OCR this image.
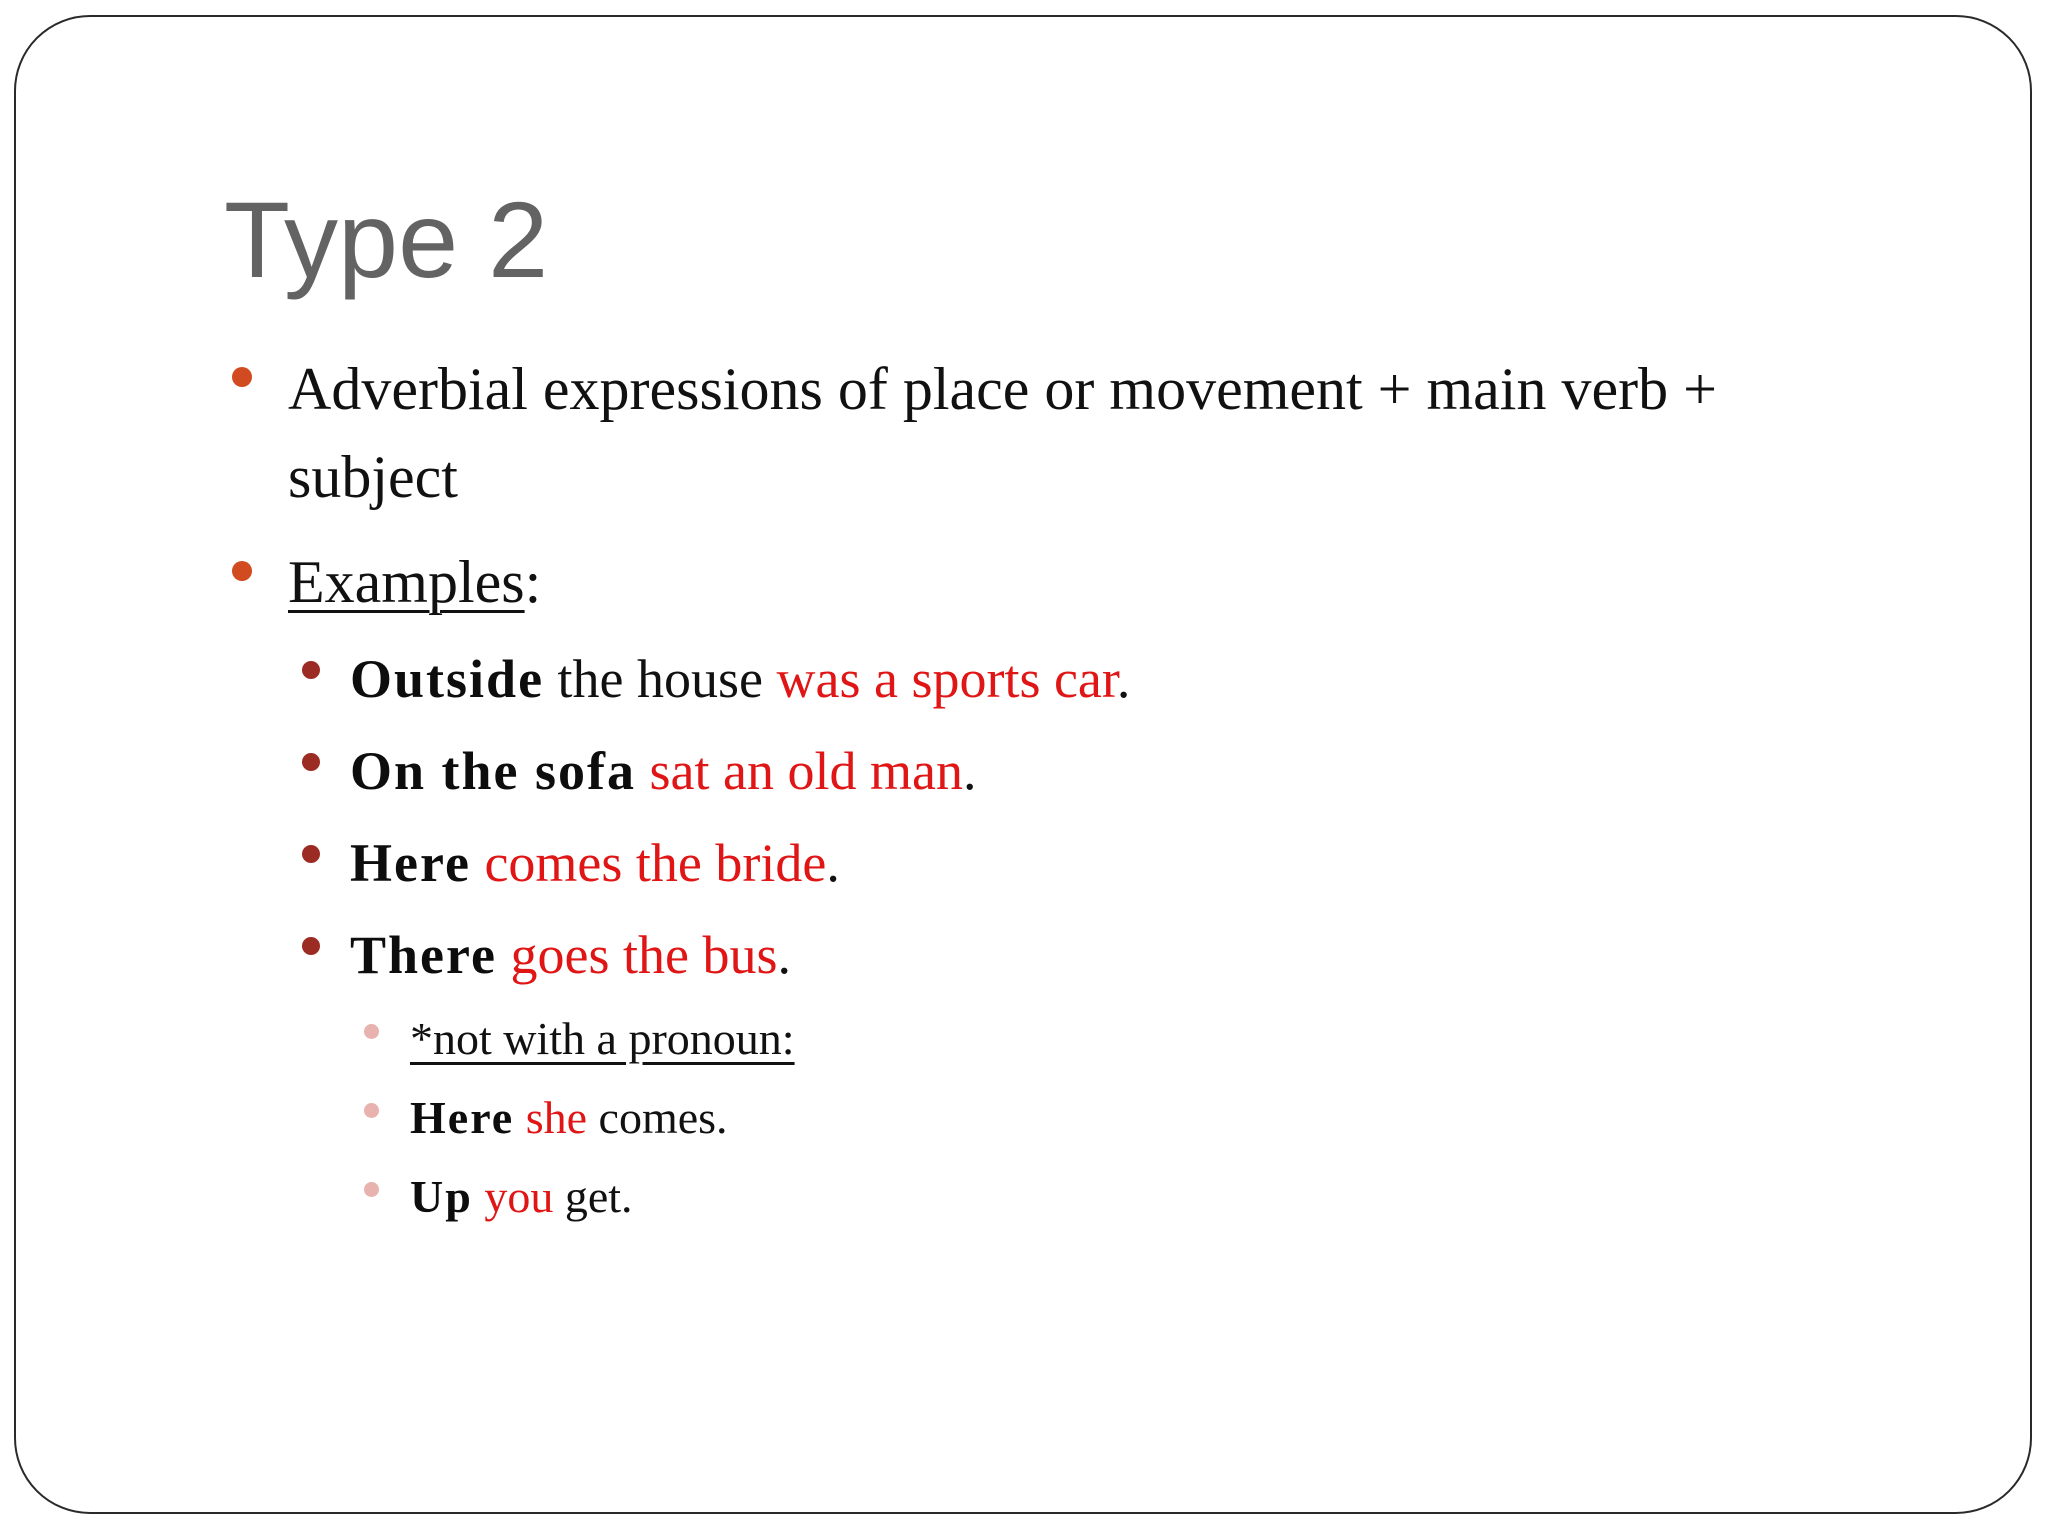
Type 2
Adverbial expressions of place or movement + main verb +
subject
Examples:
Outside the house was a sports car.
On the sofa sat an old man.
Here comes the bride.
There goes the bus.
*not with a pronoun:
Here she comes.
Up you get.
